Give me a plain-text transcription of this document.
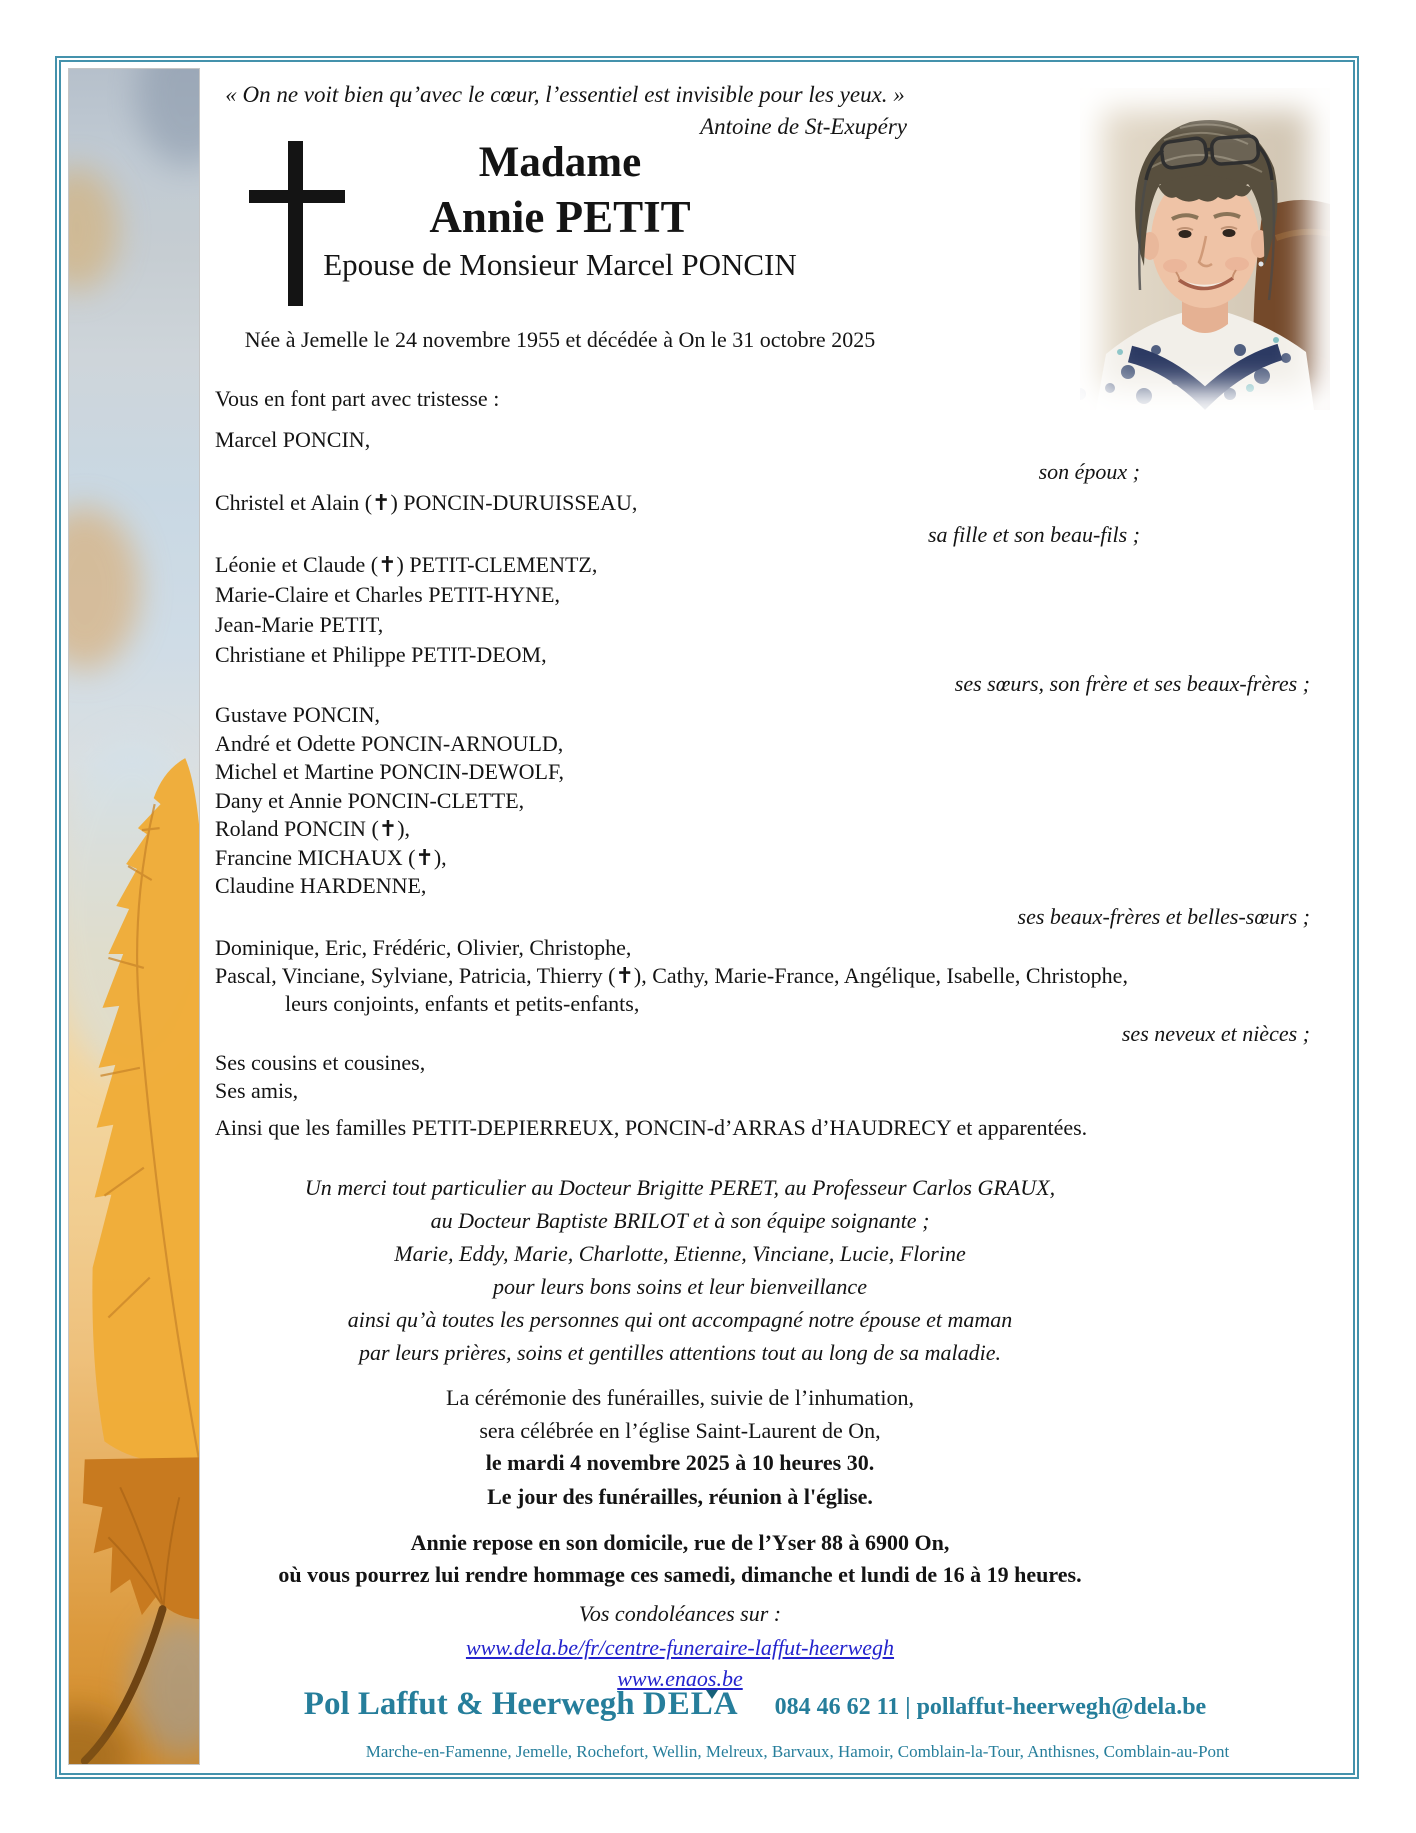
« On ne voit bien qu’avec le cœur, l’essentiel est invisible pour les yeux. »
Antoine de St-Exupéry
Madame
Annie PETIT
Epouse de Monsieur Marcel PONCIN
Née à Jemelle le 24 novembre 1955 et décédée à On le 31 octobre 2025
Vous en font part avec tristesse :
Marcel PONCIN,
son époux ;
Christel et Alain (✝) PONCIN-DURUISSEAU,
sa fille et son beau-fils ;
Léonie et Claude (✝) PETIT-CLEMENTZ,
Marie-Claire et Charles PETIT-HYNE,
Jean-Marie PETIT,
Christiane et Philippe PETIT-DEOM,
ses sœurs, son frère et ses beaux-frères ;
Gustave PONCIN,
André et Odette PONCIN-ARNOULD,
Michel et Martine PONCIN-DEWOLF,
Dany et Annie PONCIN-CLETTE,
Roland PONCIN (✝),
Francine MICHAUX (✝),
Claudine HARDENNE,
ses beaux-frères et belles-sœurs ;
Dominique, Eric, Frédéric, Olivier, Christophe,
Pascal, Vinciane, Sylviane, Patricia, Thierry (✝), Cathy, Marie-France, Angélique, Isabelle, Christophe,
leurs conjoints, enfants et petits-enfants,
ses neveux et nièces ;
Ses cousins et cousines,
Ses amis,
Ainsi que les familles PETIT-DEPIERREUX, PONCIN-d’ARRAS d’HAUDRECY et apparentées.
Un merci tout particulier au Docteur Brigitte PERET, au Professeur Carlos GRAUX,
au Docteur Baptiste BRILOT et à son équipe soignante ;
Marie, Eddy, Marie, Charlotte, Etienne, Vinciane, Lucie, Florine
pour leurs bons soins et leur bienveillance
ainsi qu’à toutes les personnes qui ont accompagné notre épouse et maman
par leurs prières, soins et gentilles attentions tout au long de sa maladie.
La cérémonie des funérailles, suivie de l’inhumation,
sera célébrée en l’église Saint-Laurent de On,
le mardi 4 novembre 2025 à 10 heures 30.
Le jour des funérailles, réunion à l'église.
Annie repose en son domicile, rue de l’Yser 88 à 6900 On,
où vous pourrez lui rendre hommage ces samedi, dimanche et lundi de 16 à 19 heures.
Vos condoléances sur :
www.dela.be/fr/centre-funeraire-laffut-heerwegh
www.enaos.be
Pol Laffut & Heerwegh DELA 084 46 62 11 | pollaffut-heerwegh@dela.be
Marche-en-Famenne, Jemelle, Rochefort, Wellin, Melreux, Barvaux, Hamoir, Comblain-la-Tour, Anthisnes, Comblain-au-Pont
